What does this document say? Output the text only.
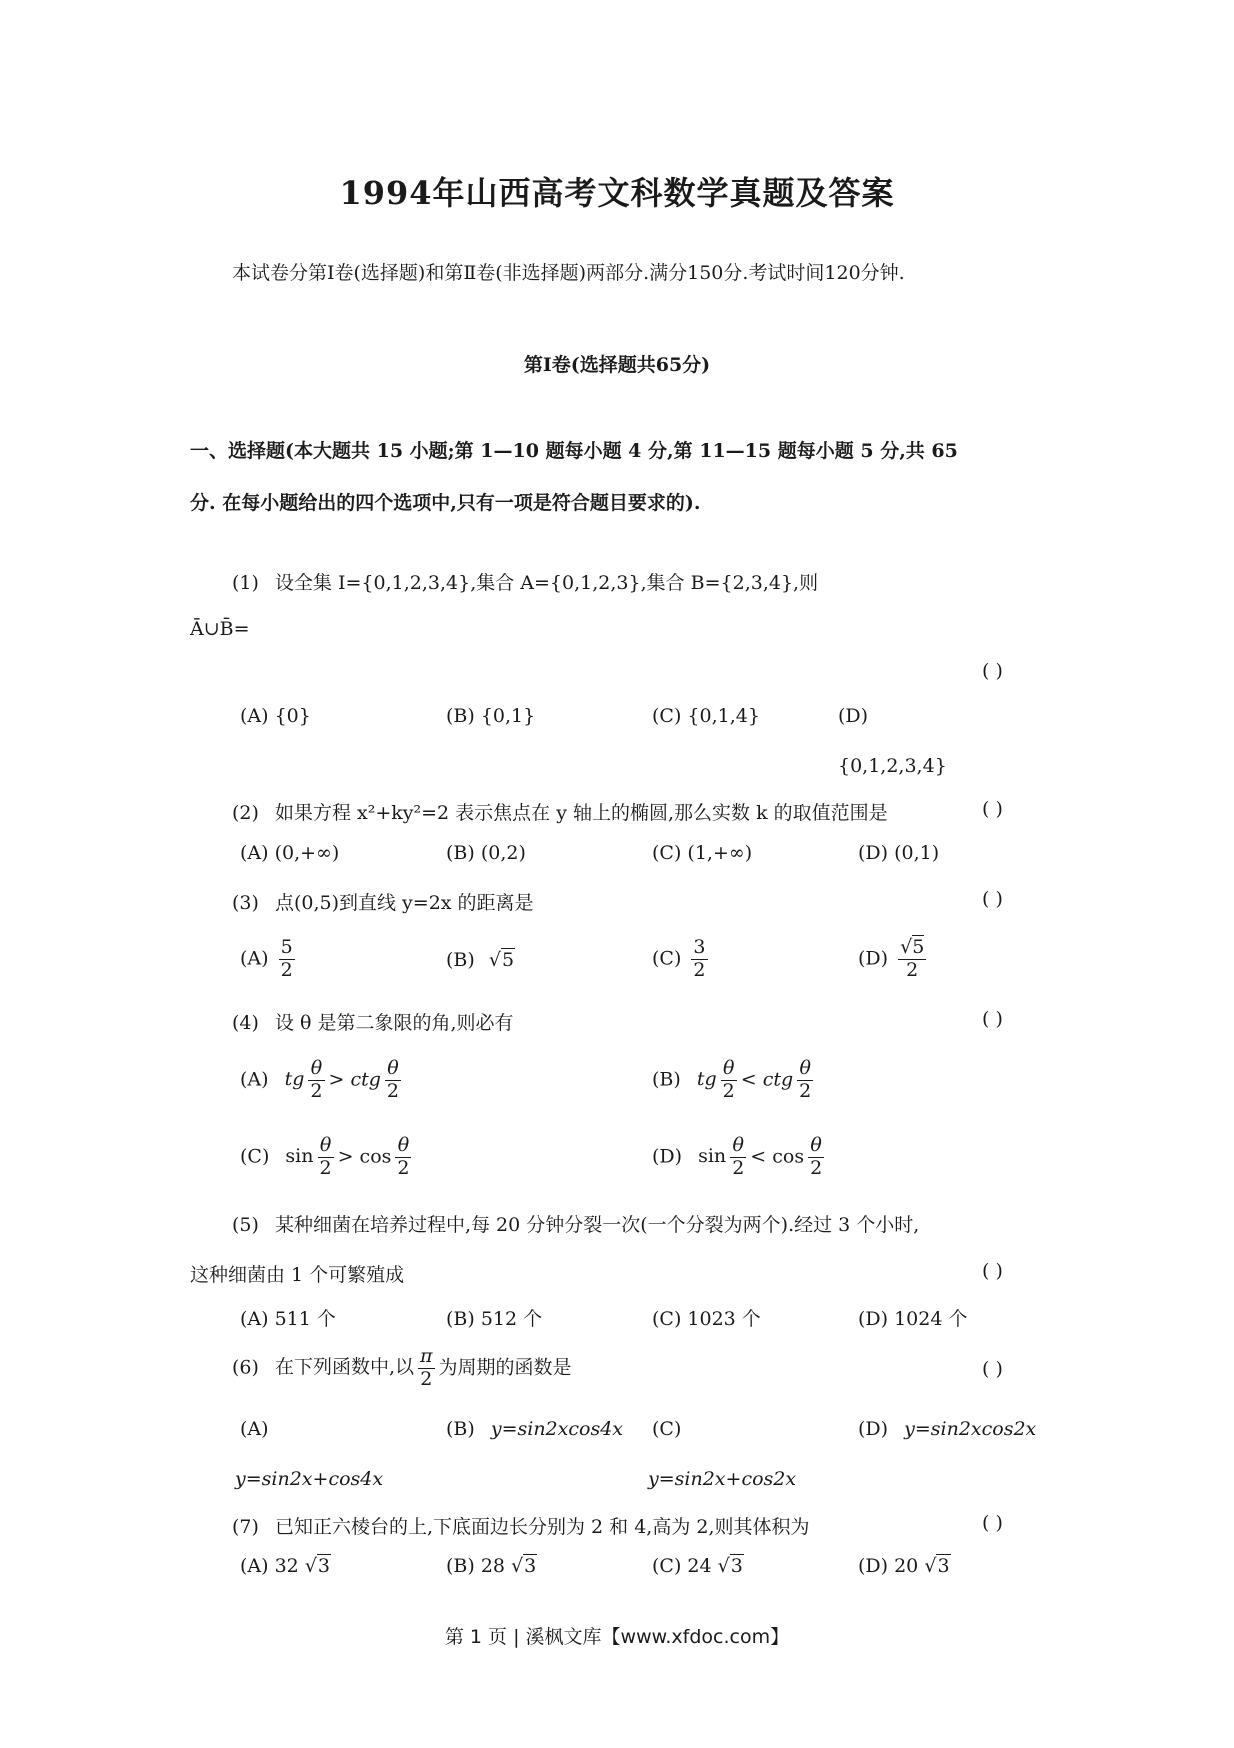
1994年山西高考文科数学真题及答案
本试卷分第Ⅰ卷(选择题)和第Ⅱ卷(非选择题)两部分.满分150分.考试时间120分钟.
第Ⅰ卷(选择题共65分)
一、选择题(本大题共 15 小题;第 1—10 题每小题 4 分,第 11—15 题每小题 5 分,共 65
分. 在每小题给出的四个选项中,只有一项是符合题目要求的).
(1) 设全集 I={0,1,2,3,4},集合 A={0,1,2,3},集合 B={2,3,4},则
Ā∪B̄=
( )
(A) {0}	(B) {0,1}	(C) {0,1,4}	(D)
{0,1,2,3,4}
(2) 如果方程 x²+ky²=2 表示焦点在 y 轴上的椭圆,那么实数 k 的取值范围是	( )
(A) (0,+∞)	(B) (0,2)	(C) (1,+∞)	(D) (0,1)
(3) 点(0,5)到直线 y=2x 的距离是	( )
$(A) \frac{5}{2}$	(B) √5	$(C) \frac{3}{2}$	$(D) \frac{√5}{2}$
(4) 设 θ 是第二象限的角,则必有	( )
(A) tg $\frac{\theta}{2}$ > ctg $\frac{\theta}{2}$	(B) tg $\frac{\theta}{2}$ < ctg $\frac{\theta}{2}$
(C) $\sin \frac{\theta}{2} > \cos \frac{\theta}{2}$	(D) $\sin \frac{\theta}{2} < \cos \frac{\theta}{2}$
(5) 某种细菌在培养过程中,每 20 分钟分裂一次(一个分裂为两个).经过 3 个小时,
这种细菌由 1 个可繁殖成	( )
(A) 511 个	(B) 512 个	(C) 1023 个	(D) 1024 个
(6) 在下列函数中,以 $\frac{\pi}{2}$ 为周期的函数是	( )
(A)	(B) y=sin2xcos4x (C)	(D) y=sin2xcos2x
y=sin2x+cos4x	y=sin2x+cos2x
(7) 已知正六棱台的上,下底面边长分别为 2 和 4,高为 2,则其体积为	( )
(A) 32 √3	(B) 28 √3	(C) 24 √3	(D) 20 √3
第 1 页 | 溪枫文库【www.xfdoc.com】
